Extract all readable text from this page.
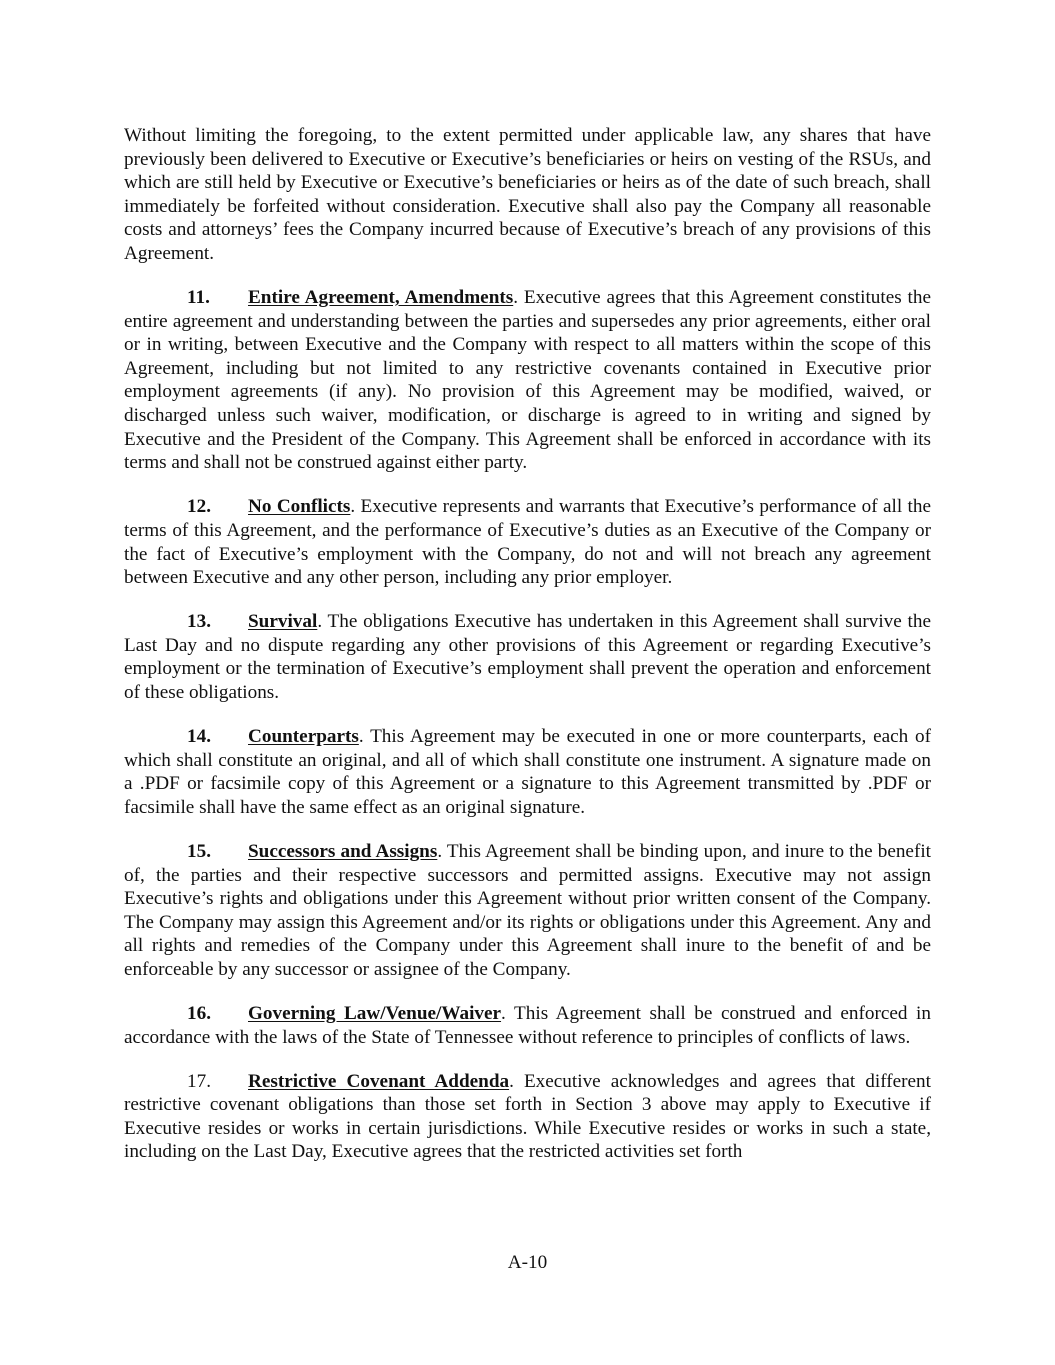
Without limiting the foregoing, to the extent permitted under applicable law, any shares that have previously been delivered to Executive or Executive’s beneficiaries or heirs on vesting of the RSUs, and which are still held by Executive or Executive’s beneficiaries or heirs as of the date of such breach, shall immediately be forfeited without consideration. Executive shall also pay the Company all reasonable costs and attorneys’ fees the Company incurred because of Executive’s breach of any provisions of this Agreement.

11. Entire Agreement, Amendments. Executive agrees that this Agreement constitutes the entire agreement and understanding between the parties and supersedes any prior agreements, either oral or in writing, between Executive and the Company with respect to all matters within the scope of this Agreement, including but not limited to any restrictive covenants contained in Executive prior employment agreements (if any). No provision of this Agreement may be modified, waived, or discharged unless such waiver, modification, or discharge is agreed to in writing and signed by Executive and the President of the Company. This Agreement shall be enforced in accordance with its terms and shall not be construed against either party.

12. No Conflicts. Executive represents and warrants that Executive’s performance of all the terms of this Agreement, and the performance of Executive’s duties as an Executive of the Company or the fact of Executive’s employment with the Company, do not and will not breach any agreement between Executive and any other person, including any prior employer.

13. Survival. The obligations Executive has undertaken in this Agreement shall survive the Last Day and no dispute regarding any other provisions of this Agreement or regarding Executive’s employment or the termination of Executive’s employment shall prevent the operation and enforcement of these obligations.

14. Counterparts. This Agreement may be executed in one or more counterparts, each of which shall constitute an original, and all of which shall constitute one instrument. A signature made on a .PDF or facsimile copy of this Agreement or a signature to this Agreement transmitted by .PDF or facsimile shall have the same effect as an original signature.

15. Successors and Assigns. This Agreement shall be binding upon, and inure to the benefit of, the parties and their respective successors and permitted assigns. Executive may not assign Executive’s rights and obligations under this Agreement without prior written consent of the Company. The Company may assign this Agreement and/or its rights or obligations under this Agreement. Any and all rights and remedies of the Company under this Agreement shall inure to the benefit of and be enforceable by any successor or assignee of the Company.

16. Governing Law/Venue/Waiver. This Agreement shall be construed and enforced in accordance with the laws of the State of Tennessee without reference to principles of conflicts of laws.

17. Restrictive Covenant Addenda. Executive acknowledges and agrees that different restrictive covenant obligations than those set forth in Section 3 above may apply to Executive if Executive resides or works in certain jurisdictions. While Executive resides or works in such a state, including on the Last Day, Executive agrees that the restricted activities set forth

A-10
